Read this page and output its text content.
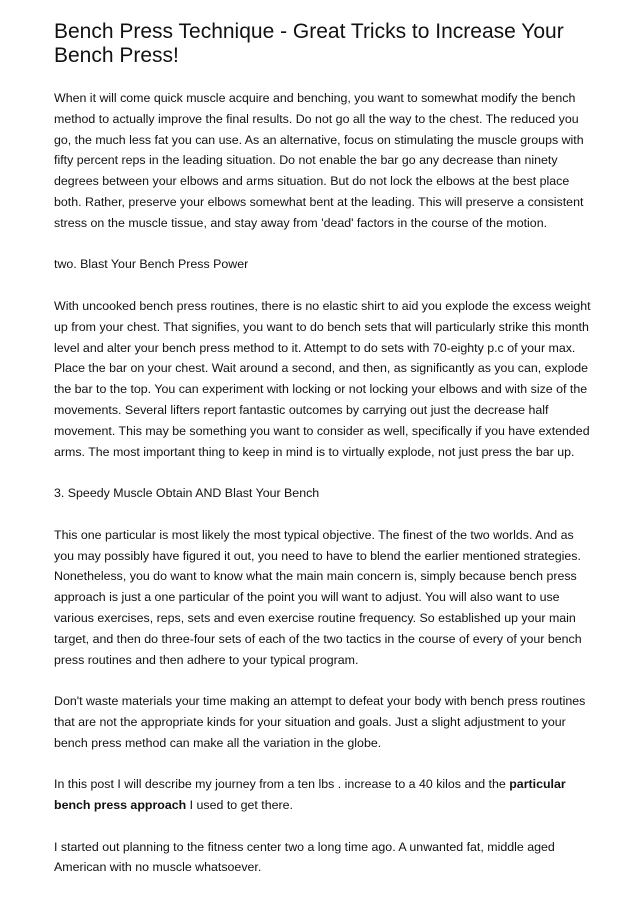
Bench Press Technique - Great Tricks to Increase Your Bench Press!

When it will come quick muscle acquire and benching, you want to somewhat modify the bench method to actually improve the final results. Do not go all the way to the chest. The reduced you go, the much less fat you can use. As an alternative, focus on stimulating the muscle groups with fifty percent reps in the leading situation. Do not enable the bar go any decrease than ninety degrees between your elbows and arms situation. But do not lock the elbows at the best place both. Rather, preserve your elbows somewhat bent at the leading. This will preserve a consistent stress on the muscle tissue, and stay away from 'dead' factors in the course of the motion.

two. Blast Your Bench Press Power

With uncooked bench press routines, there is no elastic shirt to aid you explode the excess weight up from your chest. That signifies, you want to do bench sets that will particularly strike this month level and alter your bench press method to it. Attempt to do sets with 70-eighty p.c of your max. Place the bar on your chest. Wait around a second, and then, as significantly as you can, explode the bar to the top. You can experiment with locking or not locking your elbows and with size of the movements. Several lifters report fantastic outcomes by carrying out just the decrease half movement. This may be something you want to consider as well, specifically if you have extended arms. The most important thing to keep in mind is to virtually explode, not just press the bar up.

3. Speedy Muscle Obtain AND Blast Your Bench

This one particular is most likely the most typical objective. The finest of the two worlds. And as you may possibly have figured it out, you need to have to blend the earlier mentioned strategies. Nonetheless, you do want to know what the main main concern is, simply because bench press approach is just a one particular of the point you will want to adjust. You will also want to use various exercises, reps, sets and even exercise routine frequency. So established up your main target, and then do three-four sets of each of the two tactics in the course of every of your bench press routines and then adhere to your typical program.

Don't waste materials your time making an attempt to defeat your body with bench press routines that are not the appropriate kinds for your situation and goals. Just a slight adjustment to your bench press method can make all the variation in the globe.

In this post I will describe my journey from a ten lbs . increase to a 40 kilos and the particular bench press approach I used to get there.

I started out planning to the fitness center two a long time ago. A unwanted fat, middle aged American with no muscle whatsoever.
